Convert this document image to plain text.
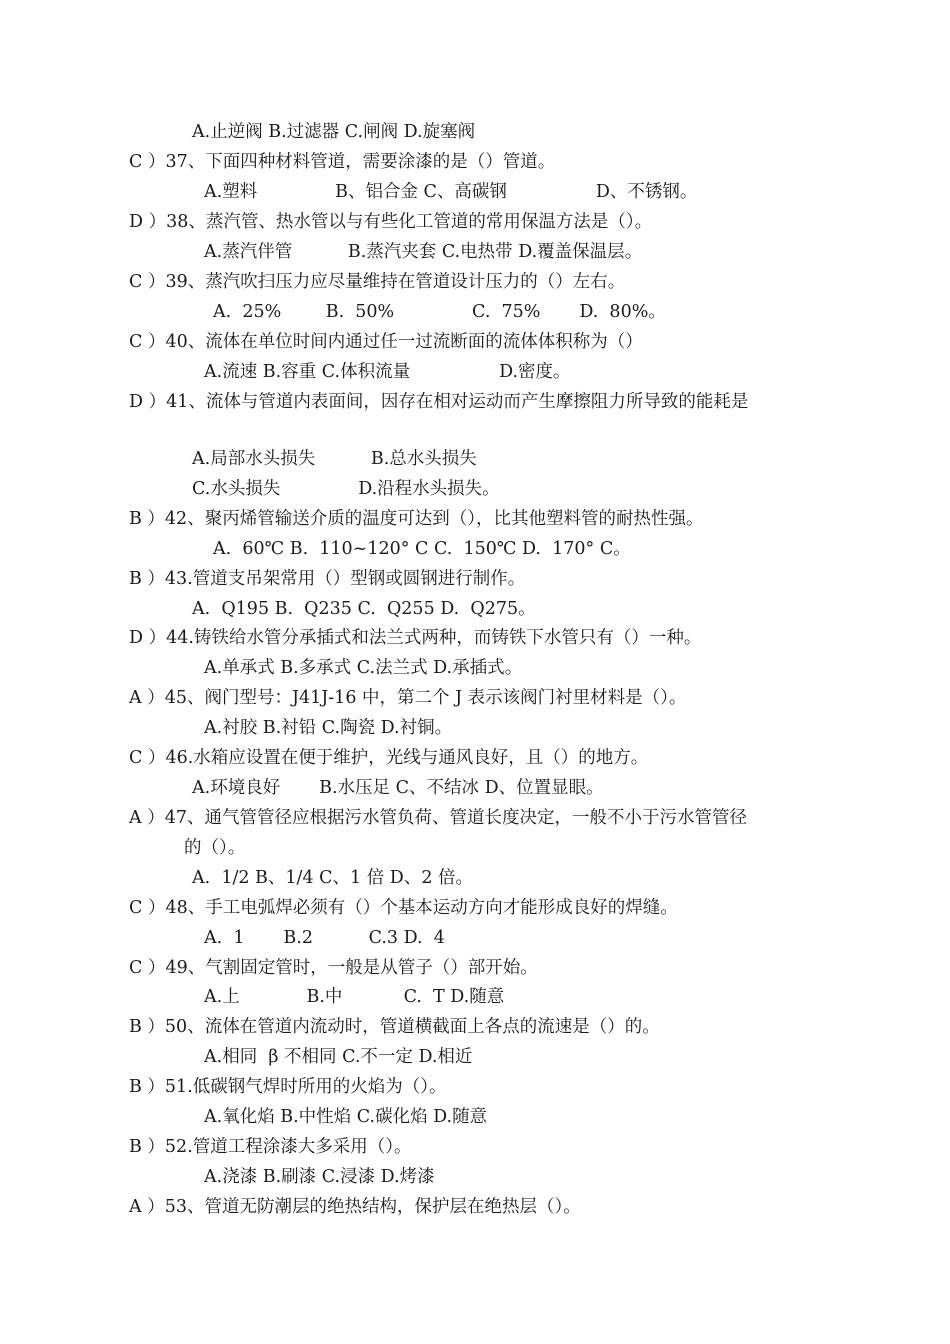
A.止逆阀 B.过滤器 C.闸阀 D.旋塞阀
C ）37、下面四种材料管道，需要涂漆的是（）管道。
A.塑料              B、铝合金 C、高碳钢                D、不锈钢。
D ）38、蒸汽管、热水管以与有些化工管道的常用保温方法是（）。
A.蒸汽伴管          B.蒸汽夹套 C.电热带 D.覆盖保温层。
C ）39、蒸汽吹扫压力应尽量维持在管道设计压力的（）左右。
A.  25%        B.  50%              C.  75%       D.  80%。
C ）40、流体在单位时间内通过任一过流断面的流体体积称为（）
A.流速 B.容重 C.体积流量                D.密度。
D ）41、流体与管道内表面间，因存在相对运动而产生摩擦阻力所导致的能耗是
A.局部水头损失          B.总水头损失
C.水头损失              D.沿程水头损失。
B ）42、聚丙烯管输送介质的温度可达到（），比其他塑料管的耐热性强。
A.  60℃ B.  110~120° C C.  150℃ D.  170° C。
B ）43.管道支吊架常用（）型钢或圆钢进行制作。
A.  Q195 B.  Q235 C.  Q255 D.  Q275。
D ）44.铸铁给水管分承插式和法兰式两种，而铸铁下水管只有（）一种。
A.单承式 B.多承式 C.法兰式 D.承插式。
A ）45、阀门型号：J41J-16 中，第二个 J 表示该阀门衬里材料是（）。
A.衬胶 B.衬铅 C.陶瓷 D.衬铜。
C ）46.水箱应设置在便于维护，光线与通风良好，且（）的地方。
A.环境良好       B.水压足 C、不结冰 D、位置显眼。
A ）47、通气管管径应根据污水管负荷、管道长度决定，一般不小于污水管管径
的（）。
A.  1/2 B、1/4 C、1 倍 D、2 倍。
C ）48、手工电弧焊必须有（）个基本运动方向才能形成良好的焊缝。
A.  1       B.2          C.3 D.  4
C ）49、气割固定管时，一般是从管子（）部开始。
A.上            B.中           C.  T D.随意
B ）50、流体在管道内流动时，管道横截面上各点的流速是（）的。
A.相同  β 不相同 C.不一定 D.相近
B ）51.低碳钢气焊时所用的火焰为（）。
A.氧化焰 B.中性焰 C.碳化焰 D.随意
B ）52.管道工程涂漆大多采用（）。
A.浇漆 B.刷漆 C.浸漆 D.烤漆
A ）53、管道无防潮层的绝热结构，保护层在绝热层（）。
